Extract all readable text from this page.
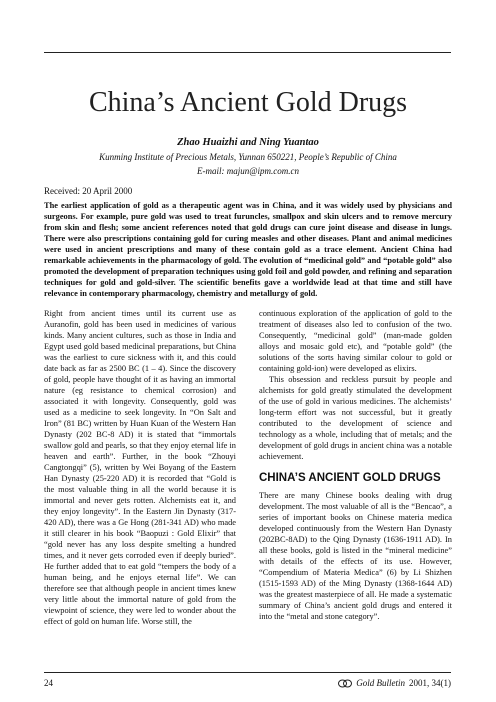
China’s Ancient Gold Drugs
Zhao Huaizhi and Ning Yuantao
Kunming Institute of Precious Metals, Yunnan 650221, People’s Republic of China
E-mail: majun@ipm.com.cn
Received: 20 April 2000
The earliest application of gold as a therapeutic agent was in China, and it was widely used by physicians and surgeons. For example, pure gold was used to treat furuncles, smallpox and skin ulcers and to remove mercury from skin and flesh; some ancient references noted that gold drugs can cure joint disease and disease in lungs. There were also prescriptions containing gold for curing measles and other diseases. Plant and animal medicines were used in ancient prescriptions and many of these contain gold as a trace element. Ancient China had remarkable achievements in the pharmacology of gold. The evolution of “medicinal gold” and “potable gold” also promoted the development of preparation techniques using gold foil and gold powder, and refining and separation techniques for gold and gold-silver. The scientific benefits gave a worldwide lead at that time and still have relevance in contemporary pharmacology, chemistry and metallurgy of gold.

Right from ancient times until its current use as Auranofin, gold has been used in medicines of various kinds. Many ancient cultures, such as those in India and Egypt used gold based medicinal preparations, but China was the earliest to cure sickness with it, and this could date back as far as 2500 BC (1 – 4). Since the discovery of gold, people have thought of it as having an immortal nature (eg resistance to chemical corrosion) and associated it with longevity. Consequently, gold was used as a medicine to seek longevity. In “On Salt and Iron” (81 BC) written by Huan Kuan of the Western Han Dynasty (202 BC-8 AD) it is stated that “immortals swallow gold and pearls, so that they enjoy eternal life in heaven and earth”. Further, in the book “Zhouyi Cangtongqi” (5), written by Wei Boyang of the Eastern Han Dynasty (25-220 AD) it is recorded that “Gold is the most valuable thing in all the world because it is immortal and never gets rotten. Alchemists eat it, and they enjoy longevity”. In the Eastern Jin Dynasty (317-420 AD), there was a Ge Hong (281-341 AD) who made it still clearer in his book “Baopuzi : Gold Elixir” that “gold never has any loss despite smelting a hundred times, and it never gets corroded even if deeply buried”. He further added that to eat gold “tempers the body of a human being, and he enjoys eternal life”. We can therefore see that although people in ancient times knew very little about the immortal nature of gold from the viewpoint of science, they were led to wonder about the effect of gold on human life. Worse still, the

continuous exploration of the application of gold to the treatment of diseases also led to confusion of the two. Consequently, “medicinal gold” (man-made golden alloys and mosaic gold etc), and “potable gold” (the solutions of the sorts having similar colour to gold or containing gold-ion) were developed as elixirs.

This obsession and reckless pursuit by people and alchemists for gold greatly stimulated the development of the use of gold in various medicines. The alchemists’ long-term effort was not successful, but it greatly contributed to the development of science and technology as a whole, including that of metals; and the development of gold drugs in ancient china was a notable achievement.

CHINA’S ANCIENT GOLD DRUGS

There are many Chinese books dealing with drug development. The most valuable of all is the “Bencao”, a series of important books on Chinese materia medica developed continuously from the Western Han Dynasty (202BC-8AD) to the Qing Dynasty (1636-1911 AD). In all these books, gold is listed in the “mineral medicine” with details of the effects of its use. However, “Compendium of Materia Medica” (6) by Li Shizhen (1515-1593 AD) of the Ming Dynasty (1368-1644 AD) was the greatest masterpiece of all. He made a systematic summary of China’s ancient gold drugs and entered it into the “metal and stone category”.

24	Gold Bulletin 2001, 34(1)
